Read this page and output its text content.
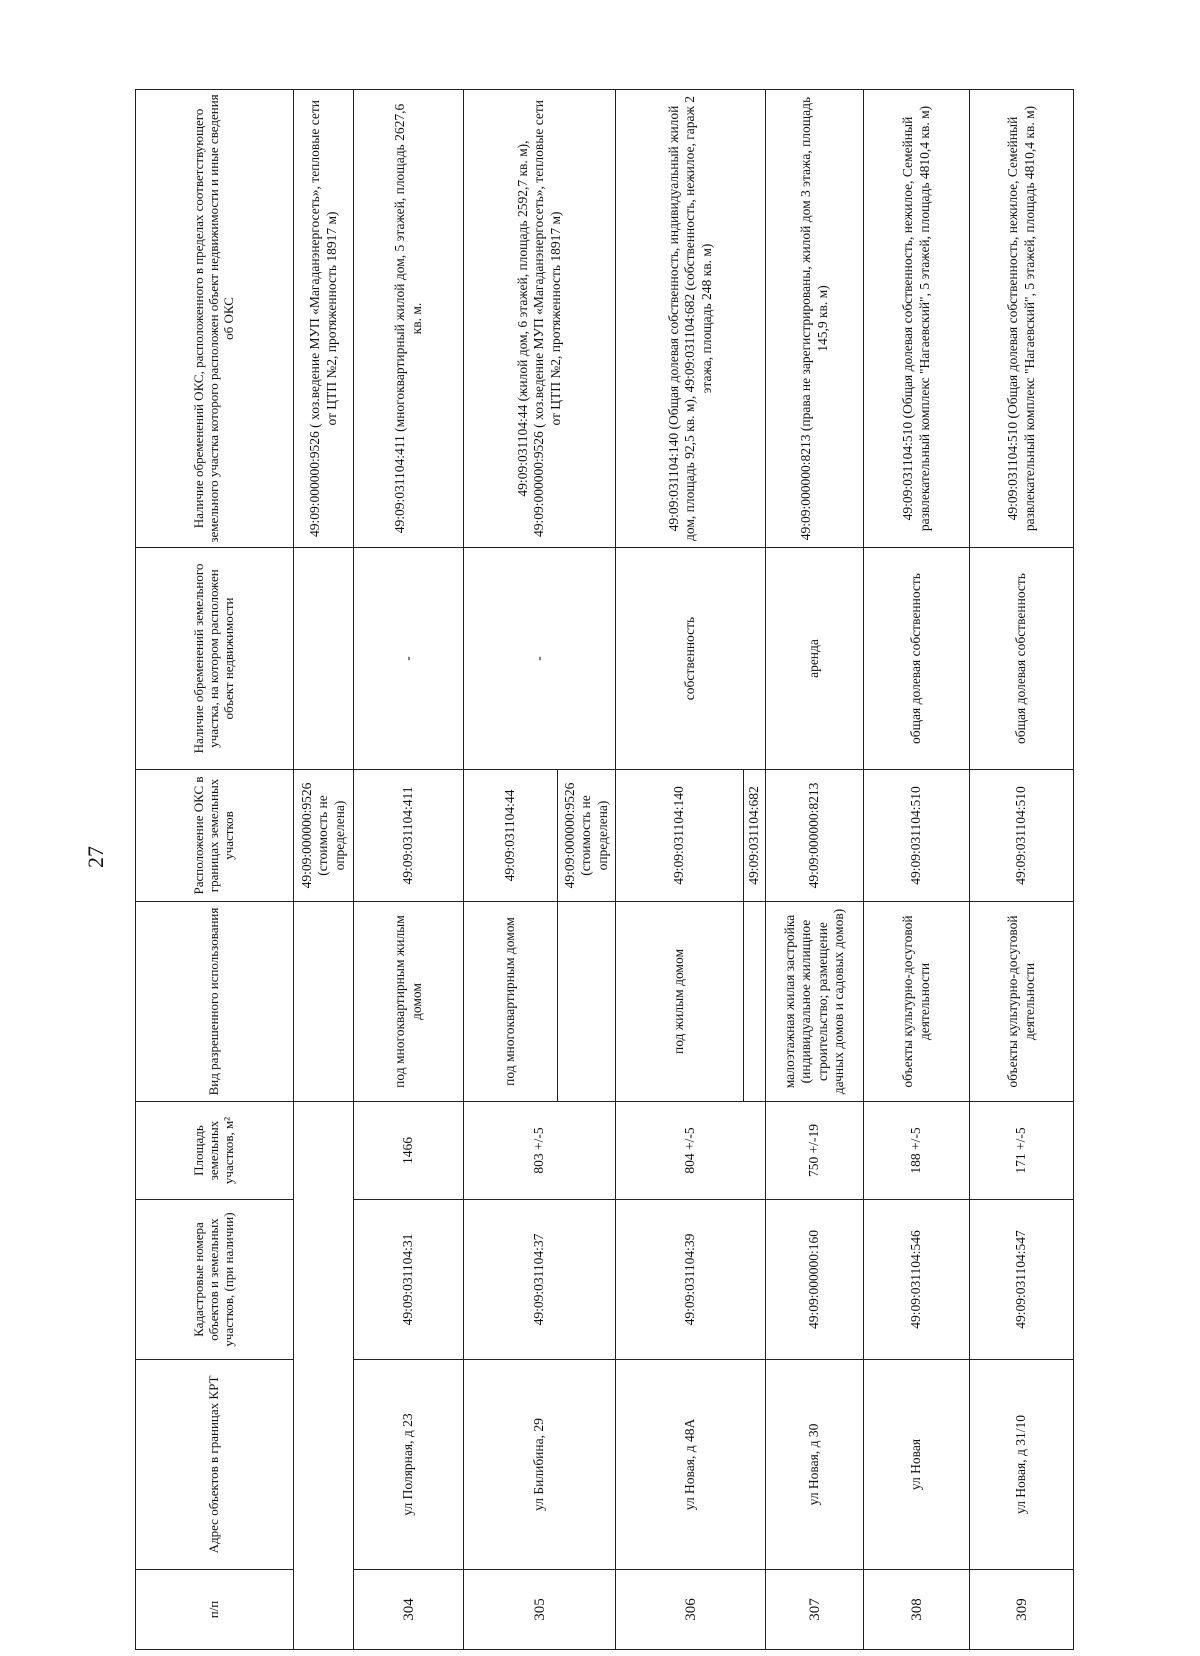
27
п/п	Адрес объектов в границах КРТ	Кадастровые номера объектов и земельных участков, (при наличии)	Площадь земельных участков, м²	Вид разрешенного использования	Расположение ОКС в границах земельных участков	Наличие обременений земельного участка, на котором расположен объект недвижимости	Наличие обременений ОКС, расположенного в пределах соответствующего земельного участка которого расположен объект недвижимости и иные сведения об ОКС
					49:09:000000:9526 (стоимость не определена)		49:09:000000:9526 ( хоз.ведение МУП «Магаданэнергосеть», тепловые сети от ЦТП №2, протяженность 18917 м)
304	ул Полярная, д 23	49:09:031104:31	1466	под многоквартирным жилым домом	49:09:031104:411	-	49:09:031104:411 (многоквартирный жилой дом, 5 этажей, площадь 2627,6 кв. м.
305	ул Билибина, 29	49:09:031104:37	803 +/-5	под многоквартирным домом	49:09:031104:44	-	49:09:031104:44 (жилой дом, 6 этажей, площадь 2592,7 кв. м), 49:09:000000:9526 ( хоз.ведение МУП «Магаданэнергосеть», тепловые сети от ЦТП №2, протяженность 18917 м)
					49:09:000000:9526 (стоимость не определена)		
306	ул Новая, д 48А	49:09:031104:39	804 +/-5	под жилым домом	49:09:031104:140	собственность	49:09:031104:140 (Общая долевая собственность, индивидуальный жилой дом, площадь 92,5 кв. м), 49:09:031104:682 (собственность, нежилое, гараж 2 этажа, площадь 248 кв. м)
					49:09:031104:682		
307	ул Новая, д 30	49:09:000000:160	750 +/-19	малоэтажная жилая застройка (индивидуальное жилищное строительство; размещение дачных домов и садовых домов)	49:09:000000:8213	аренда	49:09:000000:8213 (права не зарегистрированы, жилой дом 3 этажа, площадь 145,9 кв. м)
308	ул Новая	49:09:031104:546	188 +/-5	объекты культурно-досуговой деятельности	49:09:031104:510	общая долевая собственность	49:09:031104:510 (Общая долевая собственность, нежилое, Семейный развлекательный комплекс "Нагаевский", 5 этажей, площадь 4810,4 кв. м)
309	ул Новая, д 31/10	49:09:031104:547	171 +/-5	объекты культурно-досуговой деятельности	49:09:031104:510	общая долевая собственность	49:09:031104:510 (Общая долевая собственность, нежилое, Семейный развлекательный комплекс "Нагаевский", 5 этажей, площадь 4810,4 кв. м)
